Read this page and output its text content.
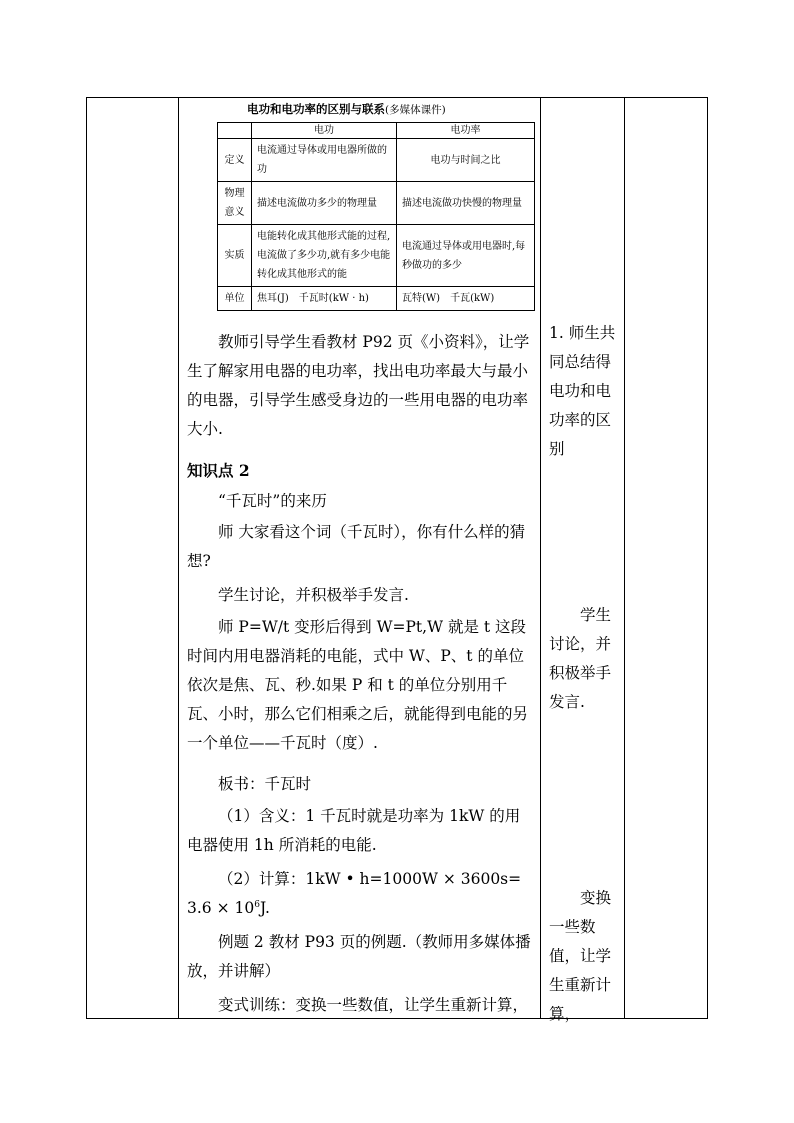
电功和电功率的区别与联系(多媒体课件)
	电功	电功率
定义	电流通过导体或用电器所做的功	电功与时间之比
物理意义	描述电流做功多少的物理量	描述电流做功快慢的物理量
实质	电能转化成其他形式能的过程,电流做了多少功,就有多少电能转化成其他形式的能	电流通过导体或用电器时,每秒做功的多少
单位	焦耳(J)　千瓦时(kW · h)	瓦特(W)　千瓦(kW)
教师引导学生看教材 P92 页《小资料》，让学生了解家用电器的电功率，找出电功率最大与最小的电器，引导学生感受身边的一些用电器的电功率大小.
知识点 2
“千瓦时”的来历
师 大家看这个词（千瓦时），你有什么样的猜想?
学生讨论，并积极举手发言.
师 P=W/t 变形后得到 W=Pt,W 就是 t 这段时间内用电器消耗的电能，式中 W、P、t 的单位依次是焦、瓦、秒.如果 P 和 t 的单位分别用千瓦、小时，那么它们相乘之后，就能得到电能的另一个单位——千瓦时（度）.
板书：千瓦时
（1）含义：1 千瓦时就是功率为 1kW 的用电器使用 1h 所消耗的电能.
（2）计算：1kW • $h=1000W \times 3600s=3.6 \times 10^6J$.
例题 2 教材 P93 页的例题.（教师用多媒体播放，并讲解）
变式训练：变换一些数值，让学生重新计算，
1. 师生共同总结得电功和电功率的区别
学生讨论，并积极举手发言.
变换一些数值，让学生重新计算，
